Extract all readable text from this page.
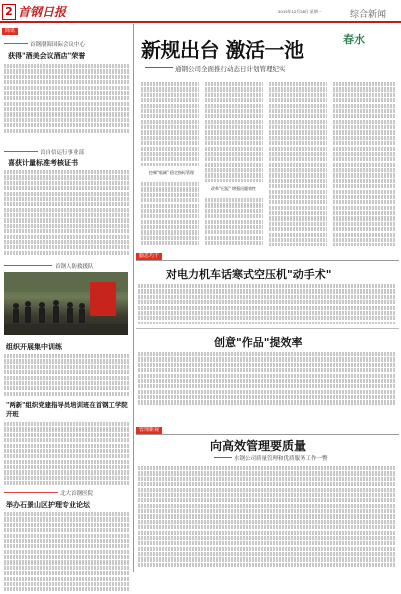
2 首钢日报	2015年12月28日 星期一	综合新闻
简讯
首钢渤海国际会议中心
获得"酒美会议酒店"荣誉
首自信运行事业部
喜获计量标准考核证书
首钢人防救援队
组织开展集中训练
"两新"组织党建指导员培训班在首钢工学院开班
北大首钢医院
举办石景山区护理专业论坛
新规出台 激活一池	春水
通钢公司全面推行动态日计划管理纪实
控制"临阈" 稳定指标管理
改革"迟报" 增强问题效性
勤思巧干
对电力机车话寒式空压机"动手术"
创意"作品"提效率
管理新视
向高效管理要质量
水钢公司质量管理和优质服务工作一瞥
